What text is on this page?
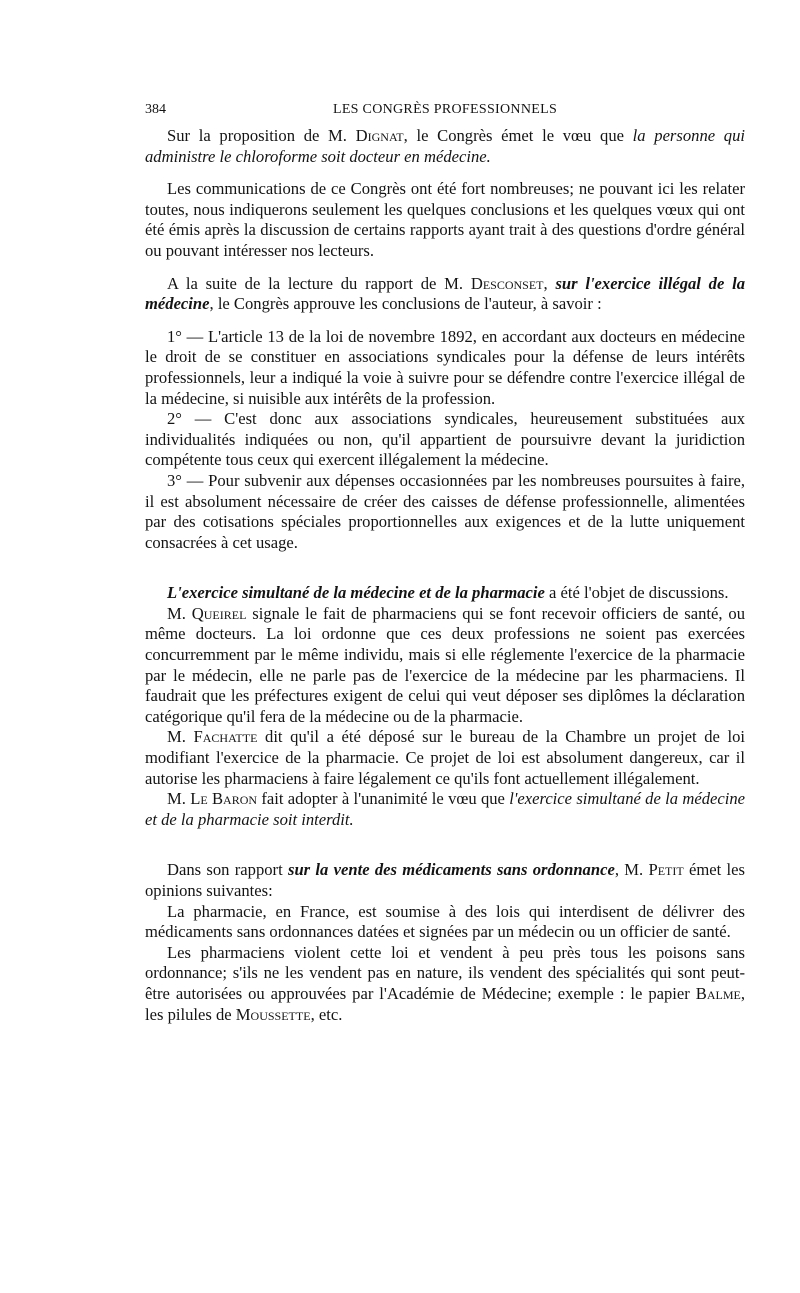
384	LES CONGRÈS PROFESSIONNELS

Sur la proposition de M. Dignat, le Congrès émet le vœu que la personne qui administre le chloroforme soit docteur en médecine.

Les communications de ce Congrès ont été fort nombreuses; ne pouvant ici les relater toutes, nous indiquerons seulement les quelques conclusions et les quelques vœux qui ont été émis après la discussion de certains rapports ayant trait à des questions d'ordre général ou pouvant intéresser nos lecteurs.

A la suite de la lecture du rapport de M. Desconset, sur l'exercice illégal de la médecine, le Congrès approuve les conclusions de l'auteur, à savoir :

1° — L'article 13 de la loi de novembre 1892, en accordant aux docteurs en médecine le droit de se constituer en associations syndicales pour la défense de leurs intérêts professionnels, leur a indiqué la voie à suivre pour se défendre contre l'exercice illégal de la médecine, si nuisible aux intérêts de la profession.

2° — C'est donc aux associations syndicales, heureusement substituées aux individualités indiquées ou non, qu'il appartient de poursuivre devant la juridiction compétente tous ceux qui exercent illégalement la médecine.

3° — Pour subvenir aux dépenses occasionnées par les nombreuses poursuites à faire, il est absolument nécessaire de créer des caisses de défense professionnelle, alimentées par des cotisations spéciales proportionnelles aux exigences et de la lutte uniquement consacrées à cet usage.

L'exercice simultané de la médecine et de la pharmacie a été l'objet de discussions.

M. Queirel signale le fait de pharmaciens qui se font recevoir officiers de santé, ou même docteurs. La loi ordonne que ces deux professions ne soient pas exercées concurremment par le même individu, mais si elle réglemente l'exercice de la pharmacie par le médecin, elle ne parle pas de l'exercice de la médecine par les pharmaciens. Il faudrait que les préfectures exigent de celui qui veut déposer ses diplômes la déclaration catégorique qu'il fera de la médecine ou de la pharmacie.

M. Fachatte dit qu'il a été déposé sur le bureau de la Chambre un projet de loi modifiant l'exercice de la pharmacie. Ce projet de loi est absolument dangereux, car il autorise les pharmaciens à faire légalement ce qu'ils font actuellement illégalement.

M. Le Baron fait adopter à l'unanimité le vœu que l'exercice simultané de la médecine et de la pharmacie soit interdit.

Dans son rapport sur la vente des médicaments sans ordonnance, M. Petit émet les opinions suivantes:

La pharmacie, en France, est soumise à des lois qui interdisent de délivrer des médicaments sans ordonnances datées et signées par un médecin ou un officier de santé.

Les pharmaciens violent cette loi et vendent à peu près tous les poisons sans ordonnance; s'ils ne les vendent pas en nature, ils vendent des spécialités qui sont peut-être autorisées ou approuvées par l'Académie de Médecine; exemple : le papier Balme, les pilules de Moussette, etc.
